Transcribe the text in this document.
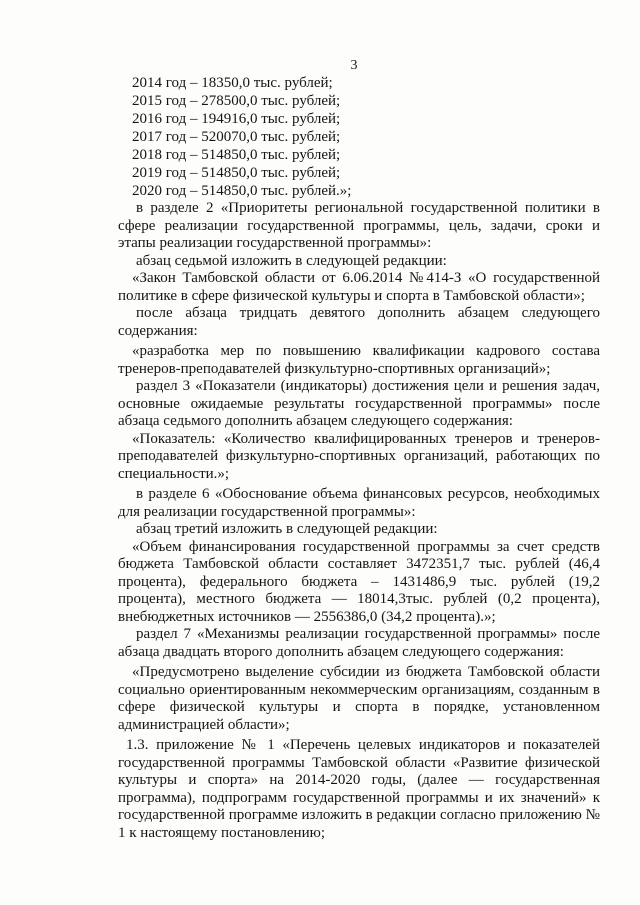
3
2014 год – 18350,0 тыс. рублей;
2015 год – 278500,0 тыс. рублей;
2016 год – 194916,0 тыс. рублей;
2017 год – 520070,0 тыс. рублей;
2018 год – 514850,0 тыс. рублей;
2019 год – 514850,0 тыс. рублей;
2020 год – 514850,0 тыс. рублей.»;

в разделе 2 «Приоритеты региональной государственной политики в сфере реализации государственной программы, цель, задачи, сроки и этапы реализации государственной программы»:

абзац седьмой изложить в следующей редакции:

«Закон Тамбовской области от 6.06.2014 №414-З «О государственной политике в сфере физической культуры и спорта в Тамбовской области»;

после абзаца тридцать девятого дополнить абзацем следующего содержания:

«разработка мер по повышению квалификации кадрового состава тренеров-преподавателей физкультурно-спортивных организаций»;

раздел 3 «Показатели (индикаторы) достижения цели и решения задач, основные ожидаемые результаты государственной программы» после абзаца седьмого дополнить абзацем следующего содержания:

«Показатель: «Количество квалифицированных тренеров и тренеров-преподавателей физкультурно-спортивных организаций, работающих по специальности.»;

в разделе 6 «Обоснование объема финансовых ресурсов, необходимых для реализации государственной программы»:

абзац третий изложить в следующей редакции:

«Объем финансирования государственной программы за счет средств бюджета Тамбовской области составляет 3472351,7 тыс. рублей (46,4 процента), федерального бюджета – 1431486,9 тыс. рублей (19,2 процента), местного бюджета — 18014,3тыс. рублей (0,2 процента), внебюджетных источников — 2556386,0 (34,2 процента).»;

раздел 7 «Механизмы реализации государственной программы» после абзаца двадцать второго дополнить абзацем следующего содержания:

«Предусмотрено выделение субсидии из бюджета Тамбовской области социально ориентированным некоммерческим организациям, созданным в сфере физической культуры и спорта в порядке, установленном администрацией области»;

1.3. приложение № 1 «Перечень целевых индикаторов и показателей государственной программы Тамбовской области «Развитие физической культуры и спорта» на 2014-2020 годы, (далее — государственная программа), подпрограмм государственной программы и их значений» к государственной программе изложить в редакции согласно приложению № 1 к настоящему постановлению;
